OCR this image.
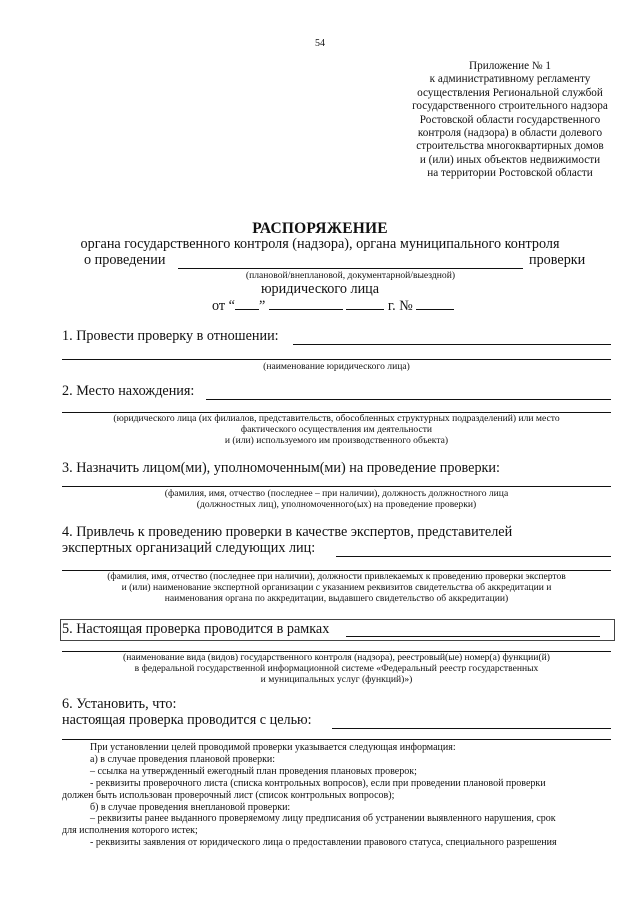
54
Приложение № 1
к административному регламенту
осуществления Региональной службой
государственного строительного надзора
Ростовской области государственного
контроля (надзора) в области долевого
строительства многоквартирных домов
и (или) иных объектов недвижимости
на территории Ростовской области
РАСПОРЯЖЕНИЕ
органа государственного контроля (надзора), органа муниципального контроля
о проведении	проверки
(плановой/внеплановой, документарной/выездной)
юридического лица
от “ ”	г. №
1. Провести проверку в отношении:
(наименование юридического лица)
2. Место нахождения:
(юридического лица (их филиалов, представительств, обособленных структурных подразделений) или место
фактического осуществления им деятельности
и (или) используемого им производственного объекта)
3. Назначить лицом(ми), уполномоченным(ми) на проведение проверки:
(фамилия, имя, отчество (последнее – при наличии), должность должностного лица
(должностных лиц), уполномоченного(ых) на проведение проверки)
4. Привлечь к проведению проверки в качестве экспертов, представителей
экспертных организаций следующих лиц:
(фамилия, имя, отчество (последнее при наличии), должности привлекаемых к проведению проверки экспертов
и (или) наименование экспертной организации с указанием реквизитов свидетельства об аккредитации и
наименования органа по аккредитации, выдавшего свидетельство об аккредитации)
5. Настоящая проверка проводится в рамках
(наименование вида (видов) государственного контроля (надзора), реестровый(ые) номер(а) функции(й)
в федеральной государственной информационной системе «Федеральный реестр государственных
и муниципальных услуг (функций)»)
6. Установить, что:
настоящая проверка проводится с целью:
При установлении целей проводимой проверки указывается следующая информация:
а) в случае проведения плановой проверки:
– ссылка на утвержденный ежегодный план проведения плановых проверок;
- реквизиты проверочного листа (списка контрольных вопросов), если при проведении плановой проверки
должен быть использован проверочный лист (список контрольных вопросов);
б) в случае проведения внеплановой проверки:
– реквизиты ранее выданного проверяемому лицу предписания об устранении выявленного нарушения, срок
для исполнения которого истек;
- реквизиты заявления от юридического лица о предоставлении правового статуса, специального разрешения
